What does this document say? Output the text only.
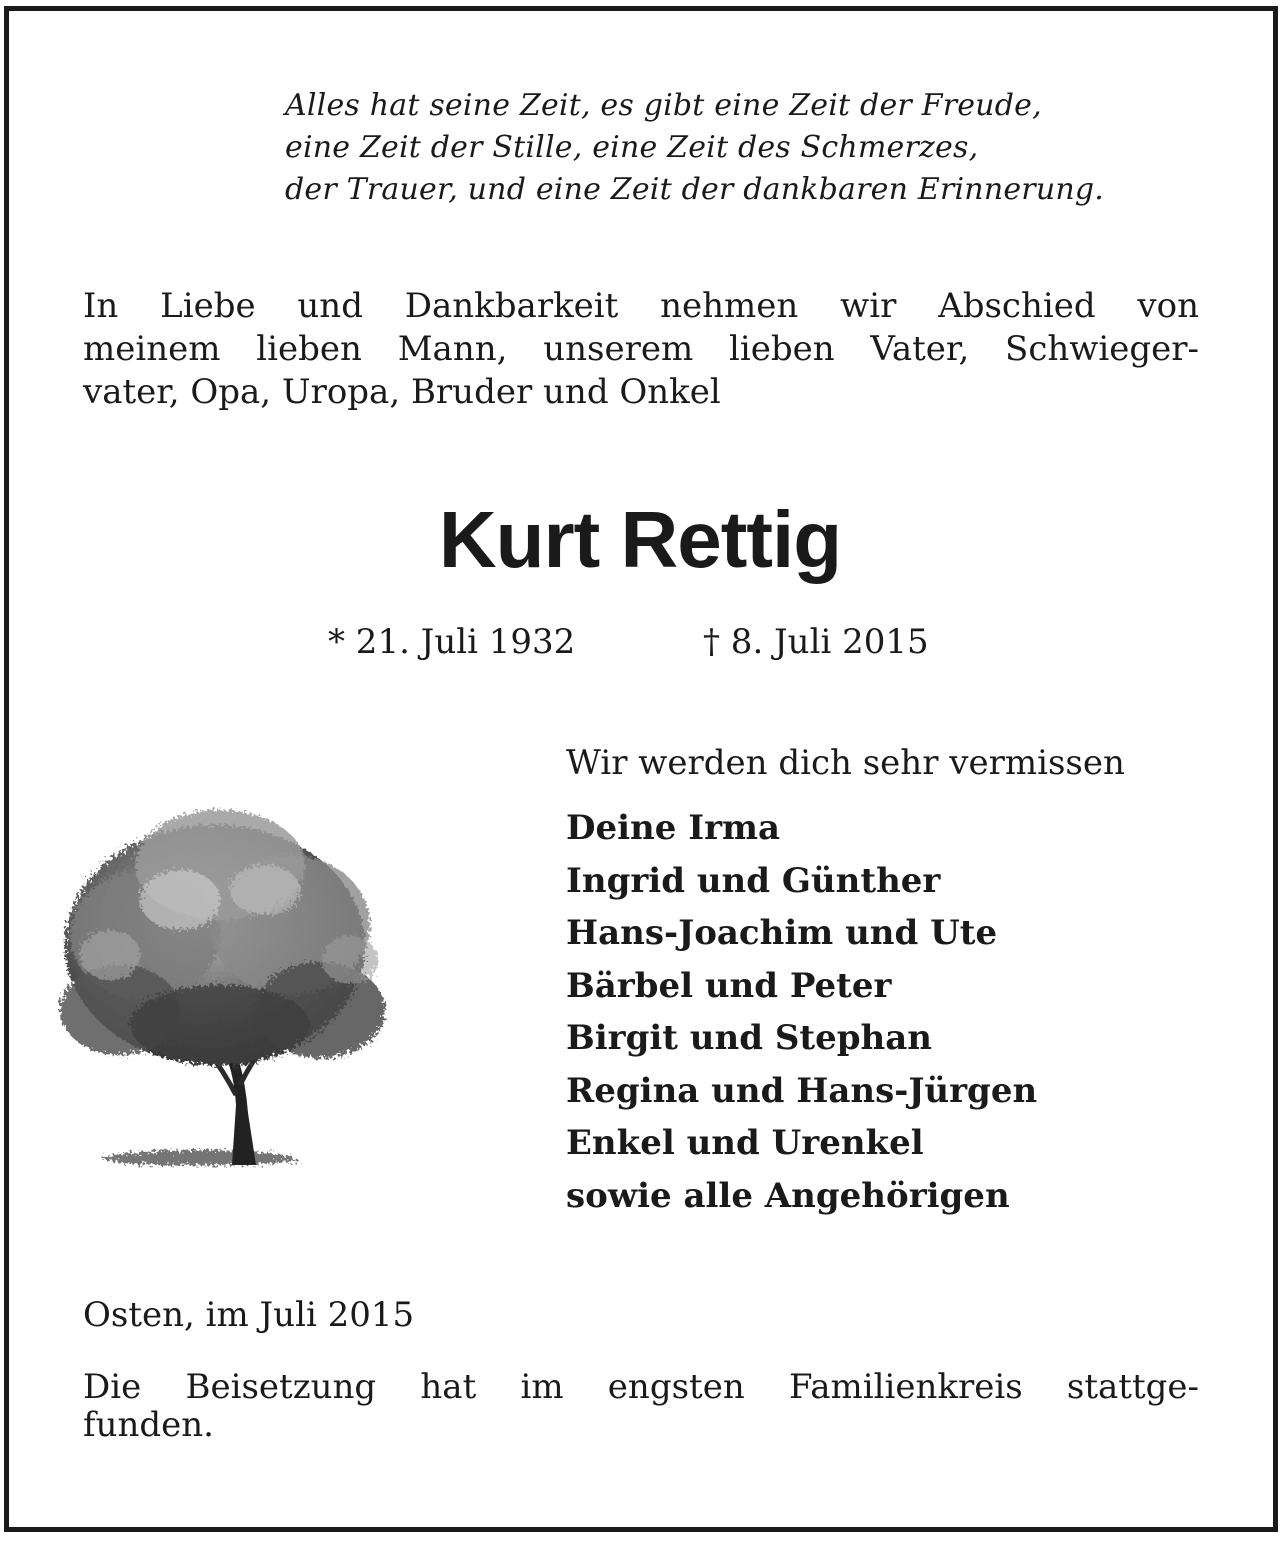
Alles hat seine Zeit, es gibt eine Zeit der Freude,
eine Zeit der Stille, eine Zeit des Schmerzes,
der Trauer, und eine Zeit der dankbaren Erinnerung.
In Liebe und Dankbarkeit nehmen wir Abschied von
meinem lieben Mann, unserem lieben Vater, Schwieger-
vater, Opa, Uropa, Bruder und Onkel
Kurt Rettig
* 21. Juli 1932	† 8. Juli 2015
Wir werden dich sehr vermissen
Deine Irma
Ingrid und Günther
Hans-Joachim und Ute
Bärbel und Peter
Birgit und Stephan
Regina und Hans-Jürgen
Enkel und Urenkel
sowie alle Angehörigen
Osten, im Juli 2015
Die Beisetzung hat im engsten Familienkreis stattge-
funden.
